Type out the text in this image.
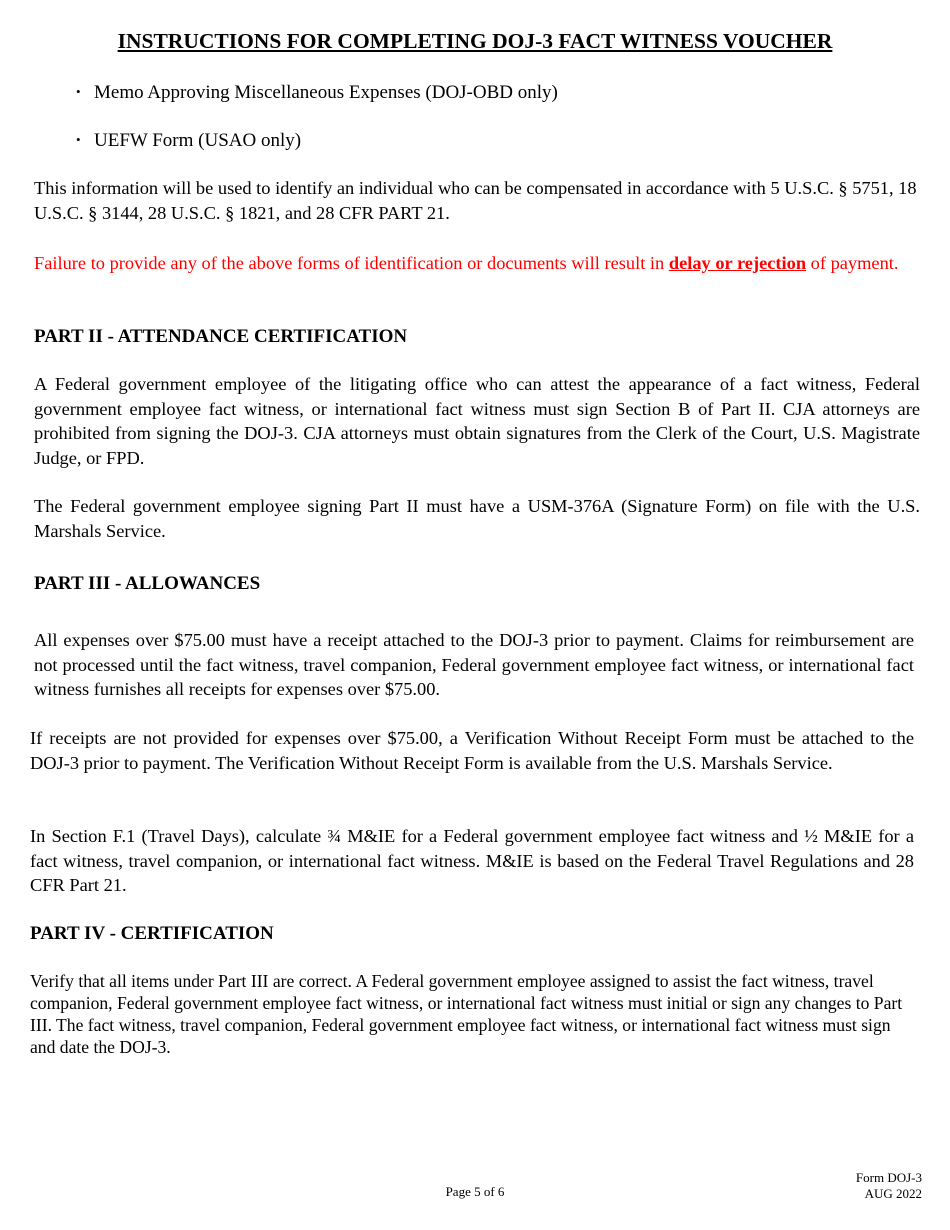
INSTRUCTIONS FOR COMPLETING DOJ-3 FACT WITNESS VOUCHER
• Memo Approving Miscellaneous Expenses (DOJ-OBD only)
• UEFW Form (USAO only)
This information will be used to identify an individual who can be compensated in accordance with 5 U.S.C. § 5751, 18 U.S.C. § 3144, 28 U.S.C. § 1821, and 28 CFR PART 21.
Failure to provide any of the above forms of identification or documents will result in delay or rejection of payment.
PART II - ATTENDANCE CERTIFICATION
A Federal government employee of the litigating office who can attest the appearance of a fact witness, Federal government employee fact witness, or international fact witness must sign Section B of Part II. CJA attorneys are prohibited from signing the DOJ-3. CJA attorneys must obtain signatures from the Clerk of the Court, U.S. Magistrate Judge, or FPD.
The Federal government employee signing Part II must have a USM-376A (Signature Form) on file with the U.S. Marshals Service.
PART III - ALLOWANCES
All expenses over $75.00 must have a receipt attached to the DOJ-3 prior to payment. Claims for reimbursement are not processed until the fact witness, travel companion, Federal government employee fact witness, or international fact witness furnishes all receipts for expenses over $75.00.
If receipts are not provided for expenses over $75.00, a Verification Without Receipt Form must be attached to the DOJ-3 prior to payment. The Verification Without Receipt Form is available from the U.S. Marshals Service.
In Section F.1 (Travel Days), calculate ¾ M&IE for a Federal government employee fact witness and ½ M&IE for a fact witness, travel companion, or international fact witness. M&IE is based on the Federal Travel Regulations and 28 CFR Part 21.
PART IV - CERTIFICATION
Verify that all items under Part III are correct. A Federal government employee assigned to assist the fact witness, travel companion, Federal government employee fact witness, or international fact witness must initial or sign any changes to Part III. The fact witness, travel companion, Federal government employee fact witness, or international fact witness must sign and date the DOJ-3.
Page 5 of 6
Form DOJ-3
AUG 2022
